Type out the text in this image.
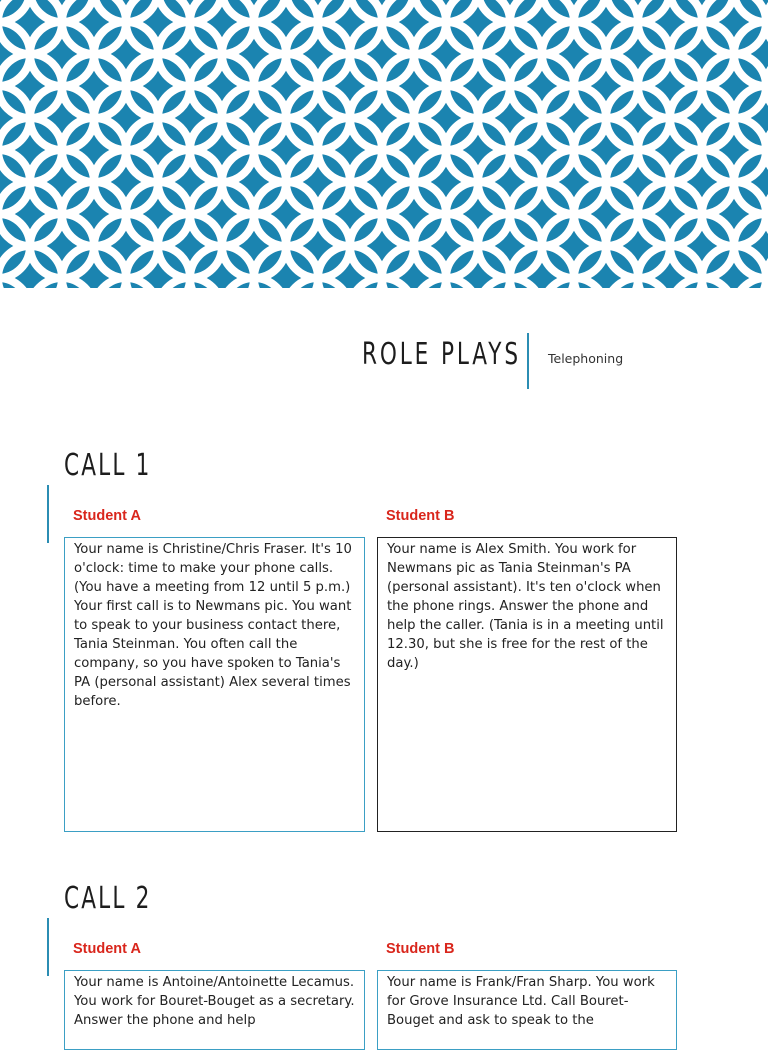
ROLE PLAYS Telephoning
CALL 1
Student A	Student B
Your name is Christine/Chris Fraser. It's 10 o'clock: time to make your phone calls. (You have a meeting from 12 until 5 p.m.) Your first call is to Newmans pic. You want to speak to your business contact there, Tania Steinman. You often call the company, so you have spoken to Tania's PA (personal assistant) Alex several times before.
Your name is Alex Smith. You work for Newmans pic as Tania Steinman's PA (personal assistant). It's ten o'clock when the phone rings. Answer the phone and help the caller. (Tania is in a meeting until 12.30, but she is free for the rest of the day.)
CALL 2
Student A	Student B
Your name is Antoine/Antoinette Lecamus. You work for Bouret-Bouget as a secretary. Answer the phone and help
Your name is Frank/Fran Sharp. You work for Grove Insurance Ltd. Call Bouret-Bouget and ask to speak to the
